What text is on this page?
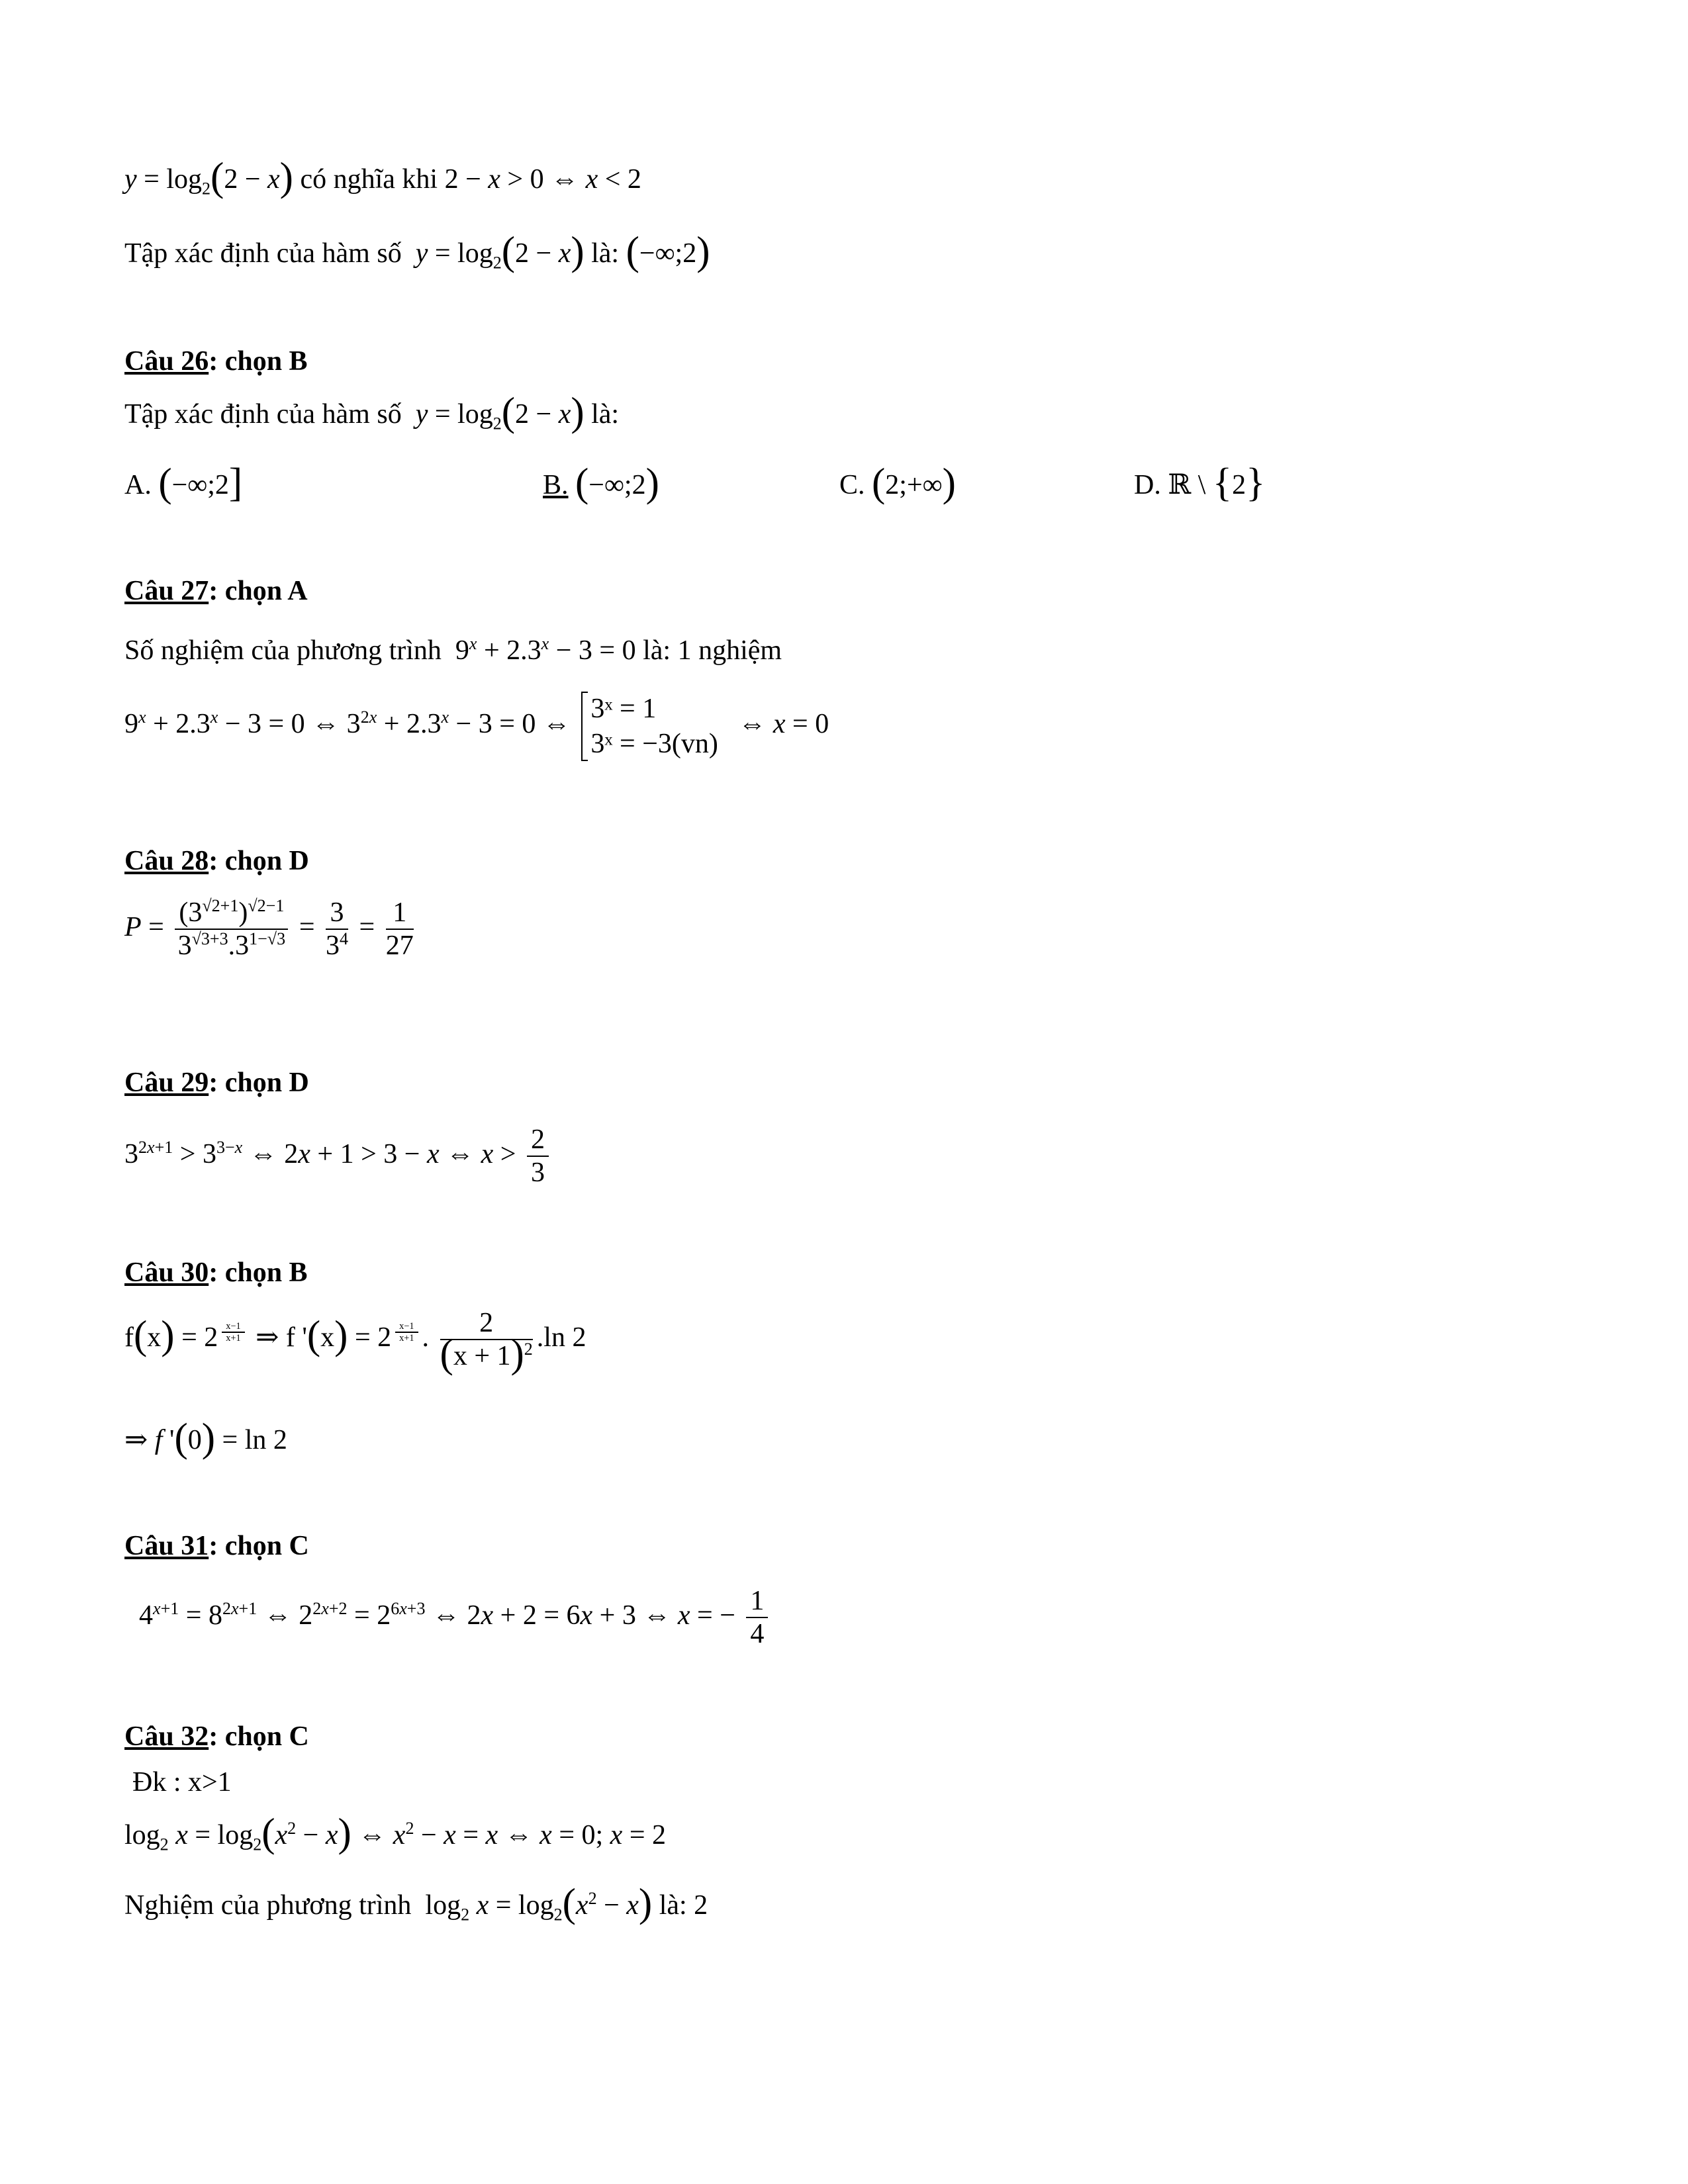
$y = \log_2(2 - x)$ có nghĩa khi 2 − x > 0 ⇔ x < 2
Tập xác định của hàm số $y = \log_2(2 - x)$ là: (−∞;2)
Câu 26: chọn B
Tập xác định của hàm số $y = \log_2(2 - x)$ là:
A. (−∞;2]	B. (−∞;2)	C. (2;+∞)	D. ℝ \ {2}
Câu 27: chọn A
Số nghiệm của phương trình $9^x + 2.3^x - 3 = 0$ là: 1 nghiệm
$9^x + 2.3^x - 3 = 0$ ⇔ $3^{2x} + 2.3^x - 3 = 0$ ⇔
3ˣ = 1
3ˣ = −3(vn)
⇔ x = 0
Câu 28: chọn D
$P = \frac{(3^{√2+1})^{√2-1}}{3^{√3+3}.3^{1-√3}} = \frac{3}{3^4} = \frac{1}{27}$
Câu 29: chọn D
$3^{2x+1} > 3^{3-x}$ ⇔ 2x + 1 > 3 − x ⇔ $x > \frac{2}{3}$
Câu 30: chọn B
f(x) = 2 $^{\frac{x-1}{x+1}}$ ⇒ f '(x) = 2 $^{\frac{x-1}{x+1}}$ . $\frac{2}{(x + 1)^2} .\ln$ 2
⇒ f '(0) = ln 2
Câu 31: chọn C
$4^{x+1} = 8^{2x+1}$ ⇔ $2^{2x+2} = 2^{6x+3}$ ⇔ 2x + 2 = 6x + 3 ⇔ x = − $\frac{1}{4}$
Câu 32: chọn C
Đk : x>1
$\log_2 x = \log_2(x^2 - x)$ ⇔ $x^2 - x = x$ ⇔ x = 0; x = 2
Nghiệm của phương trình $\log_2 x = \log_2(x^2 - x)$ là: 2
